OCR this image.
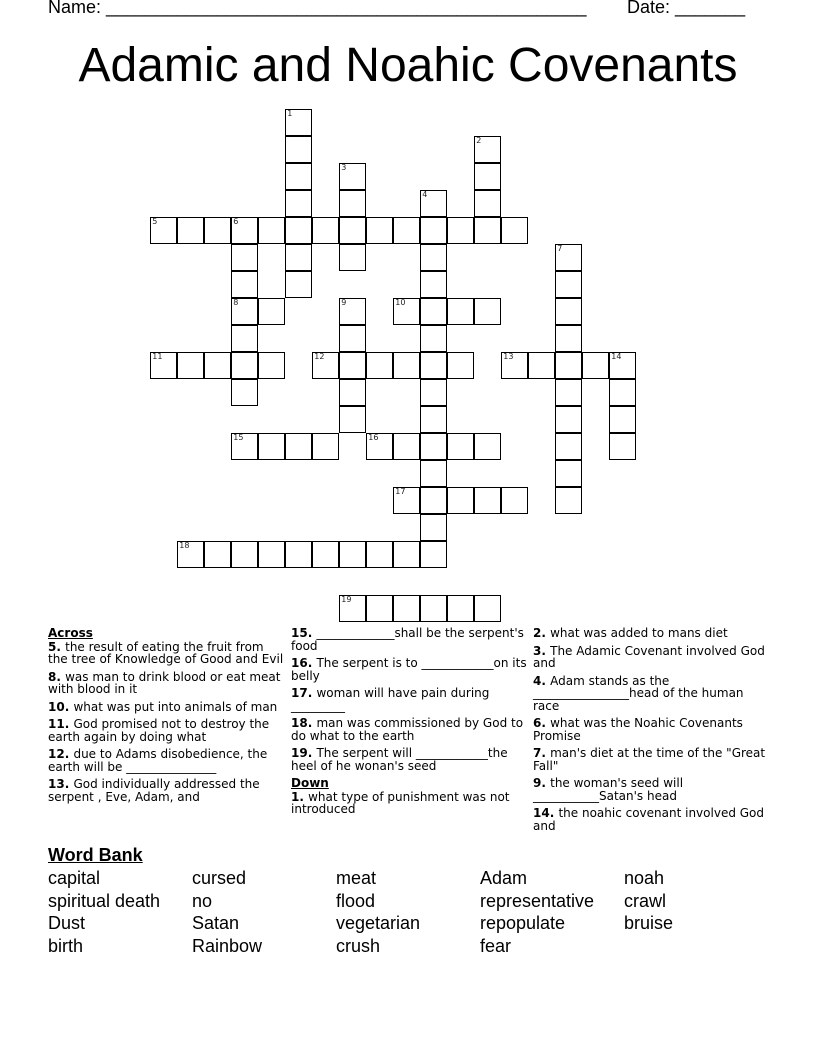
Name: ________________________________________________ Date: _______
Adamic and Noahic Covenants
1
2
3
4
5	6
8
7
9	10
11	12	13	14
15	16
17
18
19
Across
5. the result of eating the fruit from the tree of Knowledge of Good and Evil
8. was man to drink blood or eat meat with blood in it
10. what was put into animals of man
11. God promised not to destroy the earth again by doing what
12. due to Adams disobedience, the earth will be _______________
13. God individually addressed the serpent , Eve, Adam, and
15. _____________shall be the serpent's food
16. The serpent is to ____________on its belly
17. woman will have pain during _________
18. man was commissioned by God to do what to the earth
19. The serpent will ____________the heel of he wonan's seed
Down
1. what type of punishment was not introduced
2. what was added to mans diet
3. The Adamic Covenant involved God and
4. Adam stands as the ________________head of the human race
6. what was the Noahic Covenants Promise
7. man's diet at the time of the "Great Fall"
9. the woman's seed will ___________Satan's head
14. the noahic covenant involved God and
Word Bank
capital	cursed	meat	Adam	noah
spiritual death	no	flood	representative	crawl
Dust	Satan	vegetarian	repopulate	bruise
birth	Rainbow	crush	fear
